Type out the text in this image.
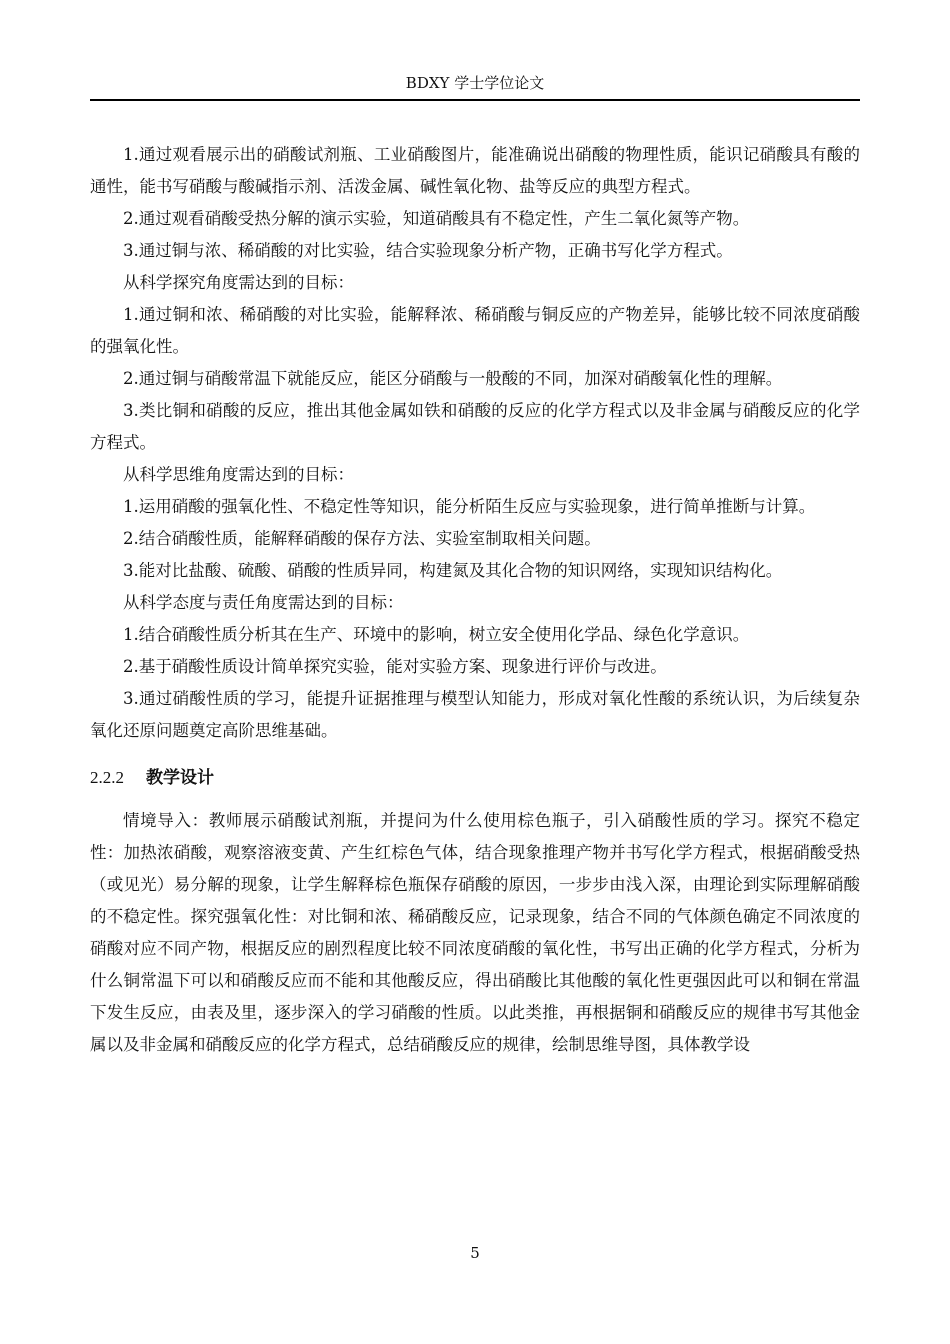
BDXY 学士学位论文

1.通过观看展示出的硝酸试剂瓶、工业硝酸图片，能准确说出硝酸的物理性质，能识记硝酸具有酸的通性，能书写硝酸与酸碱指示剂、活泼金属、碱性氧化物、盐等反应的典型方程式。

2.通过观看硝酸受热分解的演示实验，知道硝酸具有不稳定性，产生二氧化氮等产物。

3.通过铜与浓、稀硝酸的对比实验，结合实验现象分析产物，正确书写化学方程式。

从科学探究角度需达到的目标：

1.通过铜和浓、稀硝酸的对比实验，能解释浓、稀硝酸与铜反应的产物差异，能够比较不同浓度硝酸的强氧化性。

2.通过铜与硝酸常温下就能反应，能区分硝酸与一般酸的不同，加深对硝酸氧化性的理解。

3.类比铜和硝酸的反应，推出其他金属如铁和硝酸的反应的化学方程式以及非金属与硝酸反应的化学方程式。

从科学思维角度需达到的目标：

1.运用硝酸的强氧化性、不稳定性等知识，能分析陌生反应与实验现象，进行简单推断与计算。

2.结合硝酸性质，能解释硝酸的保存方法、实验室制取相关问题。

3.能对比盐酸、硫酸、硝酸的性质异同，构建氮及其化合物的知识网络，实现知识结构化。

从科学态度与责任角度需达到的目标：

1.结合硝酸性质分析其在生产、环境中的影响，树立安全使用化学品、绿色化学意识。

2.基于硝酸性质设计简单探究实验，能对实验方案、现象进行评价与改进。

3.通过硝酸性质的学习，能提升证据推理与模型认知能力，形成对氧化性酸的系统认识，为后续复杂氧化还原问题奠定高阶思维基础。

2.2.2 教学设计

情境导入：教师展示硝酸试剂瓶，并提问为什么使用棕色瓶子，引入硝酸性质的学习。探究不稳定性：加热浓硝酸，观察溶液变黄、产生红棕色气体，结合现象推理产物并书写化学方程式，根据硝酸受热（或见光）易分解的现象，让学生解释棕色瓶保存硝酸的原因，一步步由浅入深，由理论到实际理解硝酸的不稳定性。探究强氧化性：对比铜和浓、稀硝酸反应，记录现象，结合不同的气体颜色确定不同浓度的硝酸对应不同产物，根据反应的剧烈程度比较不同浓度硝酸的氧化性，书写出正确的化学方程式，分析为什么铜常温下可以和硝酸反应而不能和其他酸反应，得出硝酸比其他酸的氧化性更强因此可以和铜在常温下发生反应，由表及里，逐步深入的学习硝酸的性质。以此类推，再根据铜和硝酸反应的规律书写其他金属以及非金属和硝酸反应的化学方程式，总结硝酸反应的规律，绘制思维导图，具体教学设

5
